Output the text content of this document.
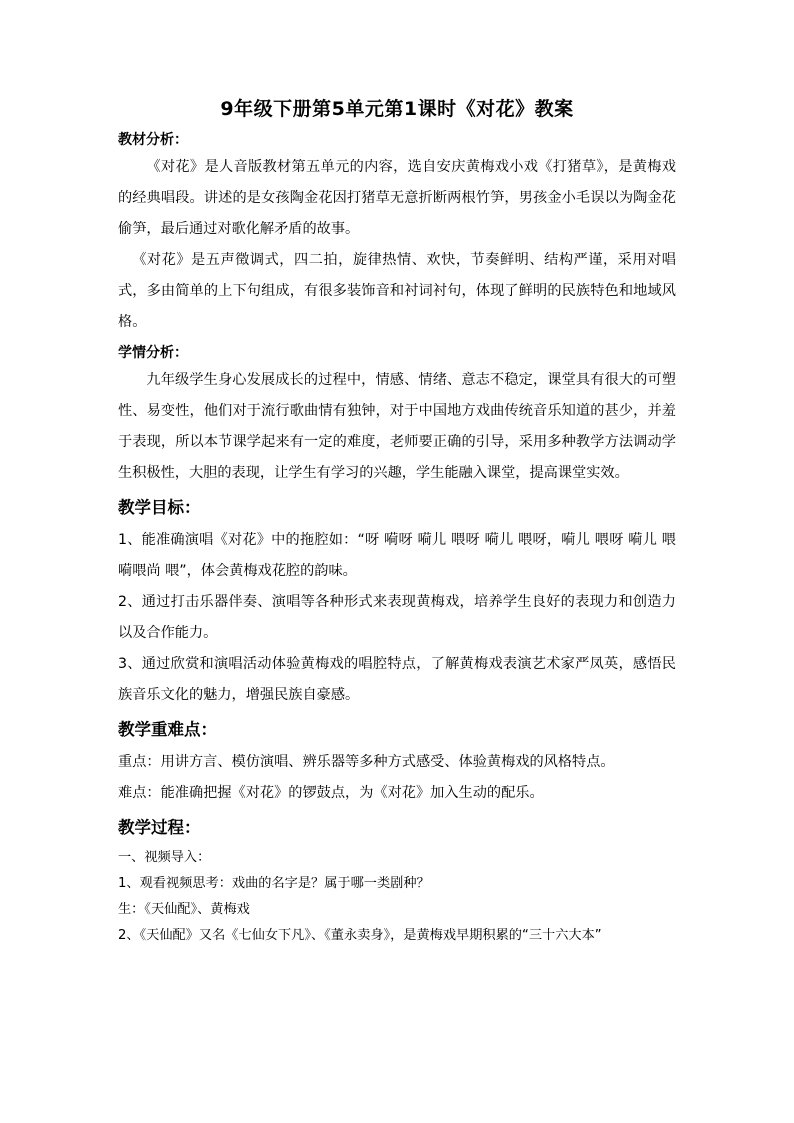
9年级下册第5单元第1课时《对花》教案
教材分析：

《对花》是人音版教材第五单元的内容，选自安庆黄梅戏小戏《打猪草》，是黄梅戏的经典唱段。讲述的是女孩陶金花因打猪草无意折断两根竹笋，男孩金小毛误以为陶金花偷笋，最后通过对歌化解矛盾的故事。

《对花》是五声徵调式，四二拍，旋律热情、欢快，节奏鲜明、结构严谨，采用对唱式，多由简单的上下句组成，有很多装饰音和衬词衬句，体现了鲜明的民族特色和地域风格。

学情分析：

九年级学生身心发展成长的过程中，情感、情绪、意志不稳定，课堂具有很大的可塑性、易变性，他们对于流行歌曲情有独钟，对于中国地方戏曲传统音乐知道的甚少，并羞于表现，所以本节课学起来有一定的难度，老师要正确的引导，采用多种教学方法调动学生积极性，大胆的表现，让学生有学习的兴趣，学生能融入课堂，提高课堂实效。

教学目标：

1、能准确演唱《对花》中的拖腔如：“呀 嗬呀 嗬儿 喂呀 嗬儿 喂呀，嗬儿 喂呀 嗬儿 喂 嗬喂尚 喂”，体会黄梅戏花腔的韵味。

2、通过打击乐器伴奏、演唱等各种形式来表现黄梅戏，培养学生良好的表现力和创造力以及合作能力。

3、通过欣赏和演唱活动体验黄梅戏的唱腔特点，了解黄梅戏表演艺术家严凤英，感悟民族音乐文化的魅力，增强民族自豪感。

教学重难点：

重点：用讲方言、模仿演唱、辨乐器等多种方式感受、体验黄梅戏的风格特点。

难点：能准确把握《对花》的锣鼓点，为《对花》加入生动的配乐。

教学过程：

一、视频导入：

1、观看视频思考：戏曲的名字是？属于哪一类剧种？

生：《天仙配》、黄梅戏

2、《天仙配》又名《七仙女下凡》、《董永卖身》，是黄梅戏早期积累的“三十六大本”
